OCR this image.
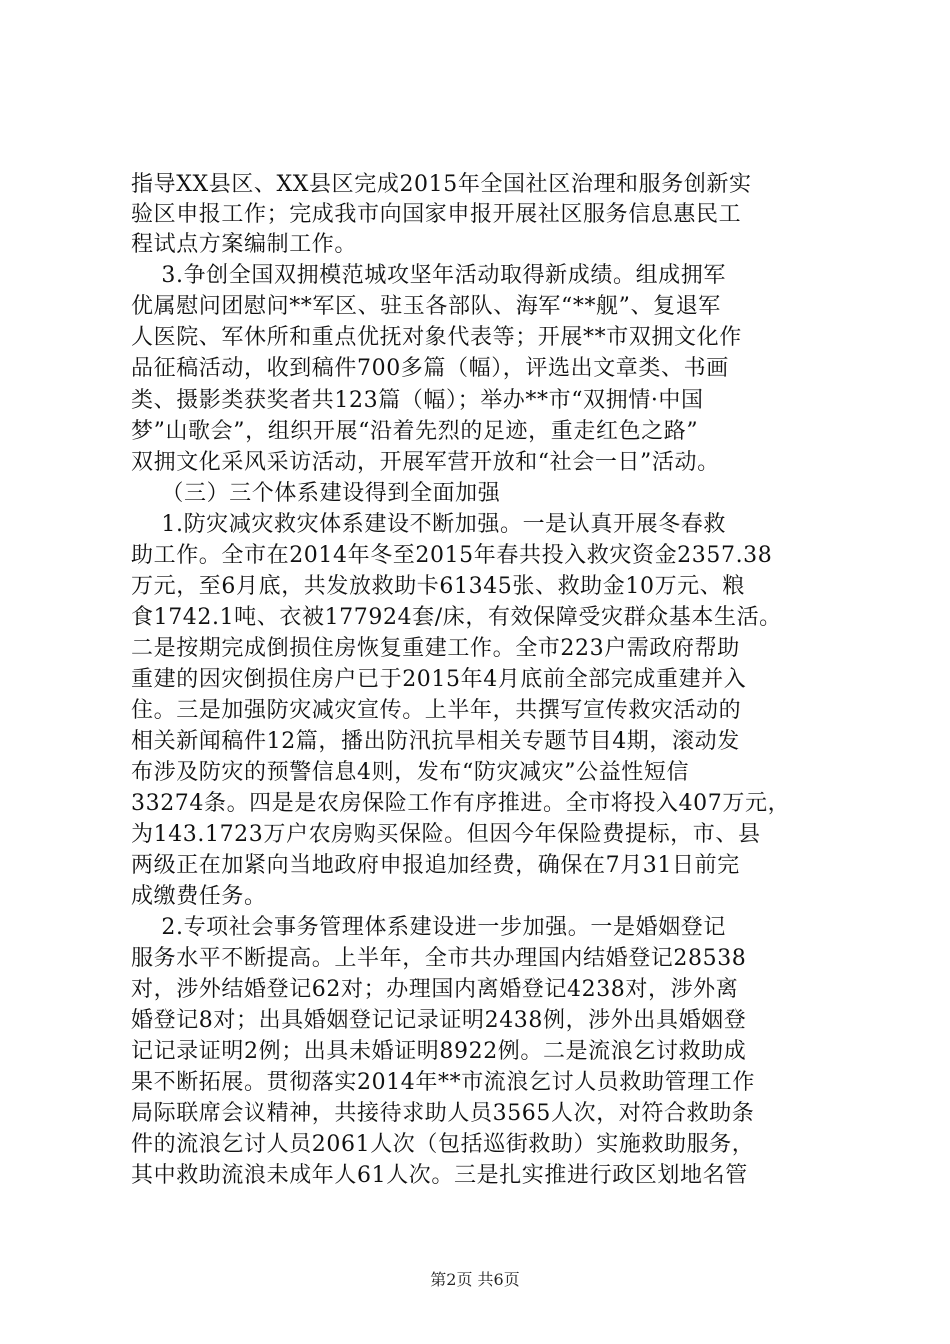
指导XX县区、XX县区完成2015年全国社区治理和服务创新实
验区申报工作；完成我市向国家申报开展社区服务信息惠民工
程试点方案编制工作。
3.争创全国双拥模范城攻坚年活动取得新成绩。组成拥军
优属慰问团慰问**军区、驻玉各部队、海军“**舰”、复退军
人医院、军休所和重点优抚对象代表等；开展**市双拥文化作
品征稿活动，收到稿件700多篇（幅），评选出文章类、书画
类、摄影类获奖者共123篇（幅）；举办**市“双拥情·中国
梦”山歌会”，组织开展“沿着先烈的足迹，重走红色之路”
双拥文化采风采访活动，开展军营开放和“社会一日”活动。
（三）三个体系建设得到全面加强
1.防灾减灾救灾体系建设不断加强。一是认真开展冬春救
助工作。全市在2014年冬至2015年春共投入救灾资金2357.38
万元，至6月底，共发放救助卡61345张、救助金10万元、粮
食1742.1吨、衣被177924套/床，有效保障受灾群众基本生活。
二是按期完成倒损住房恢复重建工作。全市223户需政府帮助
重建的因灾倒损住房户已于2015年4月底前全部完成重建并入
住。三是加强防灾减灾宣传。上半年，共撰写宣传救灾活动的
相关新闻稿件12篇，播出防汛抗旱相关专题节目4期，滚动发
布涉及防灾的预警信息4则，发布“防灾减灾”公益性短信
33274条。四是是农房保险工作有序推进。全市将投入407万元，
为143.1723万户农房购买保险。但因今年保险费提标，市、县
两级正在加紧向当地政府申报追加经费，确保在7月31日前完
成缴费任务。
2.专项社会事务管理体系建设进一步加强。一是婚姻登记
服务水平不断提高。上半年，全市共办理国内结婚登记28538
对，涉外结婚登记62对；办理国内离婚登记4238对，涉外离
婚登记8对；出具婚姻登记记录证明2438例，涉外出具婚姻登
记记录证明2例；出具未婚证明8922例。二是流浪乞讨救助成
果不断拓展。贯彻落实2014年**市流浪乞讨人员救助管理工作
局际联席会议精神，共接待求助人员3565人次，对符合救助条
件的流浪乞讨人员2061人次（包括巡街救助）实施救助服务，
其中救助流浪未成年人61人次。三是扎实推进行政区划地名管
第2页 共6页
